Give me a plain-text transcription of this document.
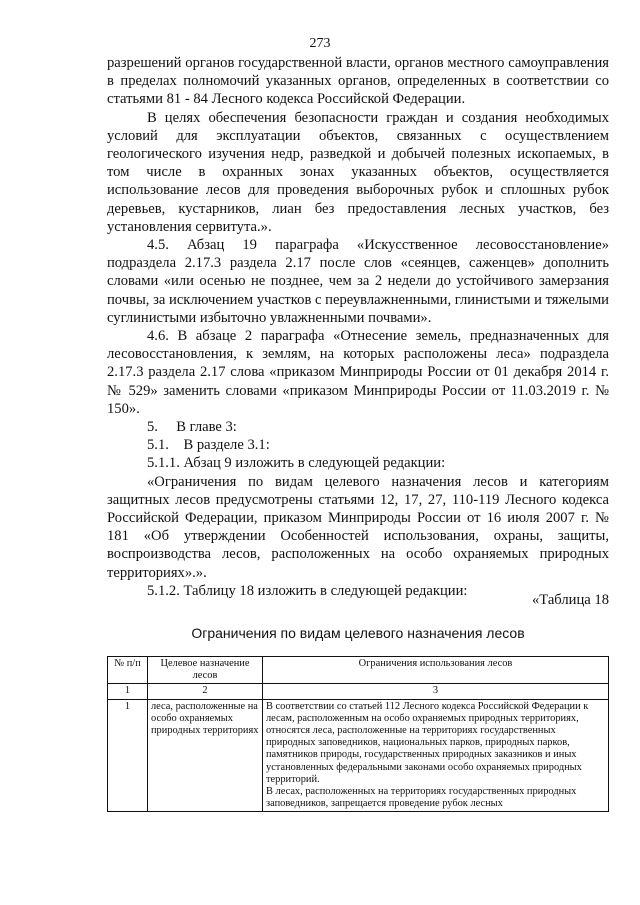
273

разрешений органов государственной власти, органов местного самоуправления в пределах полномочий указанных органов, определенных в соответствии со статьями 81 - 84 Лесного кодекса Российской Федерации.

В целях обеспечения безопасности граждан и создания необходимых условий для эксплуатации объектов, связанных с осуществлением геологического изучения недр, разведкой и добычей полезных ископаемых, в том числе в охранных зонах указанных объектов, осуществляется использование лесов для проведения выборочных рубок и сплошных рубок деревьев, кустарников, лиан без предоставления лесных участков, без установления сервитута.».

4.5. Абзац 19 параграфа «Искусственное лесовосстановление» подраздела 2.17.3 раздела 2.17 после слов «сеянцев, саженцев» дополнить словами «или осенью не позднее, чем за 2 недели до устойчивого замерзания почвы, за исключением участков с переувлажненными, глинистыми и тяжелыми суглинистыми избыточно увлажненными почвами».

4.6. В абзаце 2 параграфа «Отнесение земель, предназначенных для лесовосстановления, к землям, на которых расположены леса» подраздела 2.17.3 раздела 2.17 слова «приказом Минприроды России от 01 декабря 2014 г. № 529» заменить словами «приказом Минприроды России от 11.03.2019 г. № 150».

5.     В главе 3:

5.1.    В разделе 3.1:

5.1.1. Абзац 9 изложить в следующей редакции:

«Ограничения по видам целевого назначения лесов и категориям защитных лесов предусмотрены статьями 12, 17, 27, 110-119 Лесного кодекса Российской Федерации, приказом Минприроды России от 16 июля 2007 г. № 181 «Об утверждении Особенностей использования, охраны, защиты, воспроизводства лесов, расположенных на особо охраняемых природных территориях».».

5.1.2. Таблицу 18 изложить в следующей редакции:

«Таблица 18
Ограничения по видам целевого назначения лесов
№ п/п	Целевое назначение лесов	Ограничения использования лесов
1	2	3
1	леса, расположенные на особо охраняемых природных территориях	В соответствии со статьей 112 Лесного кодекса Российской Федерации к лесам, расположенным на особо охраняемых природных территориях, относятся леса, расположенные на территориях государственных природных заповедников, национальных парков, природных парков, памятников природы, государственных природных заказников и иных установленных федеральными законами особо охраняемых природных территорий.

В лесах, расположенных на территориях государственных природных заповедников, запрещается проведение рубок лесных
